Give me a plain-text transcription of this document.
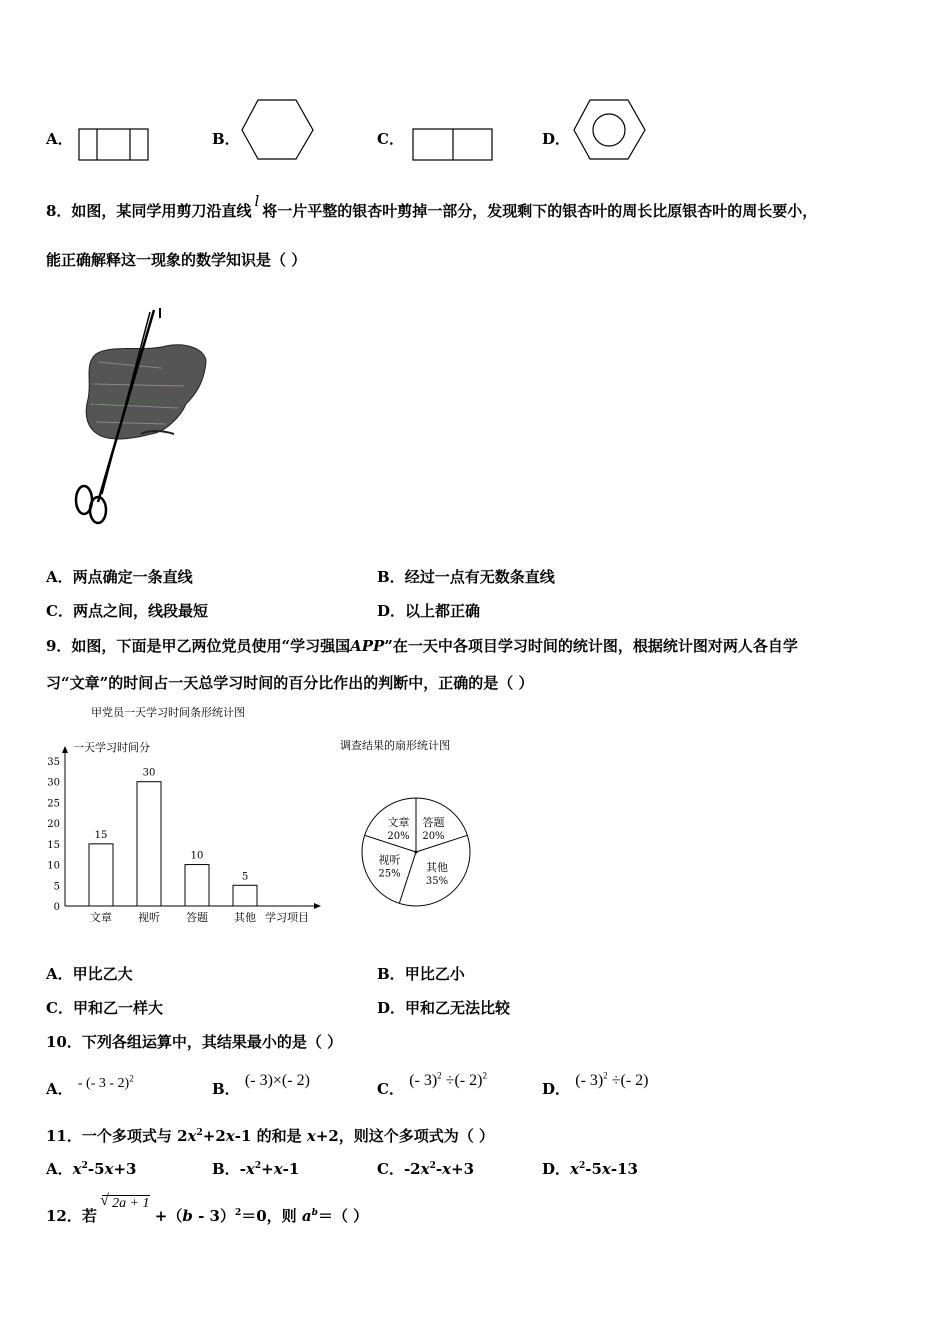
A．	B．	C．	D．
8．如图，某同学用剪刀沿直线l将一片平整的银杏叶剪掉一部分，发现剩下的银杏叶的周长比原银杏叶的周长要小，
能正确解释这一现象的数学知识是（ ）
A．两点确定一条直线	B．经过一点有无数条直线
C．两点之间，线段最短	D．以上都正确
9．如图，下面是甲乙两位党员使用“学习强国APP”在一天中各项目学习时间的统计图，根据统计图对两人各自学
习“文章”的时间占一天总学习时间的百分比作出的判断中，正确的是（ ）
甲党员一天学习时间条形统计图
一天学习时间分
0
5
10
15
20
25
30
35
15
文章
30
视听
10
答题
5
其他 学习项目
调查结果的扇形统计图
文章
20%
答题
20%
其他
35%
视听
25%
A．甲比乙大	B．甲比乙小
C．甲和乙一样大	D．甲和乙无法比较
10．下列各组运算中，其结果最小的是（ ）
A． - (- 3 - 2)$^2$
B． (- 3)×(- 2)	C． (- 3)$^2$ ÷(- 2)$^2$
D． (- 3)$^2$ ÷(- 2)
11．一个多项式与 $2x^2+2x-1$ 的和是 x+2，则这个多项式为（ ）
A．$x^2-5x+3$	B．$-x^2+x-1$	C．$-2x^2-x+3$	D．$x^2-5x-13$
12．若 √ 2a + 1 +（b - 3）$^2$＝0，则 $a^b=$（ ）
